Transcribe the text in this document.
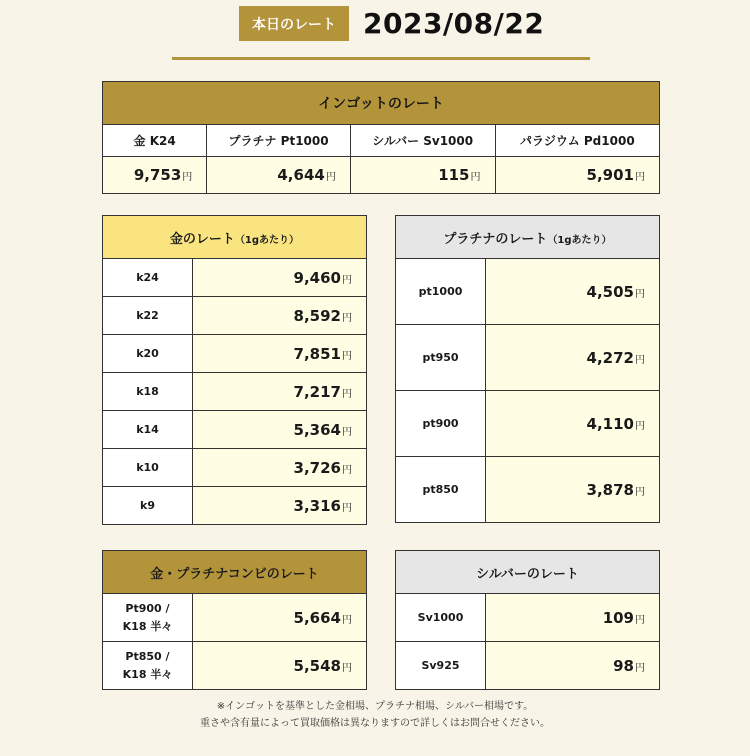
本日のレート 2023/08/22
インゴットのレート			
金 K24	プラチナ Pt1000	シルバー Sv1000	パラジウム Pd1000
9,753円	4,644円	115円	5,901円
金のレート（1gあたり）	
k24	9,460円
k22	8,592円
k20	7,851円
k18	7,217円
k14	5,364円
k10	3,726円
k9	3,316円
プラチナのレート（1gあたり）	
pt1000	4,505円
pt950	4,272円
pt900	4,110円
pt850	3,878円
金・プラチナコンビのレート	
Pt900 /
K18 半々	5,664円
Pt850 /
K18 半々	5,548円
シルバーのレート	
Sv1000	109円
Sv925	98円
※インゴットを基準とした金相場、プラチナ相場、シルバー相場です。
重さや含有量によって買取価格は異なりますので詳しくはお問合せください。
